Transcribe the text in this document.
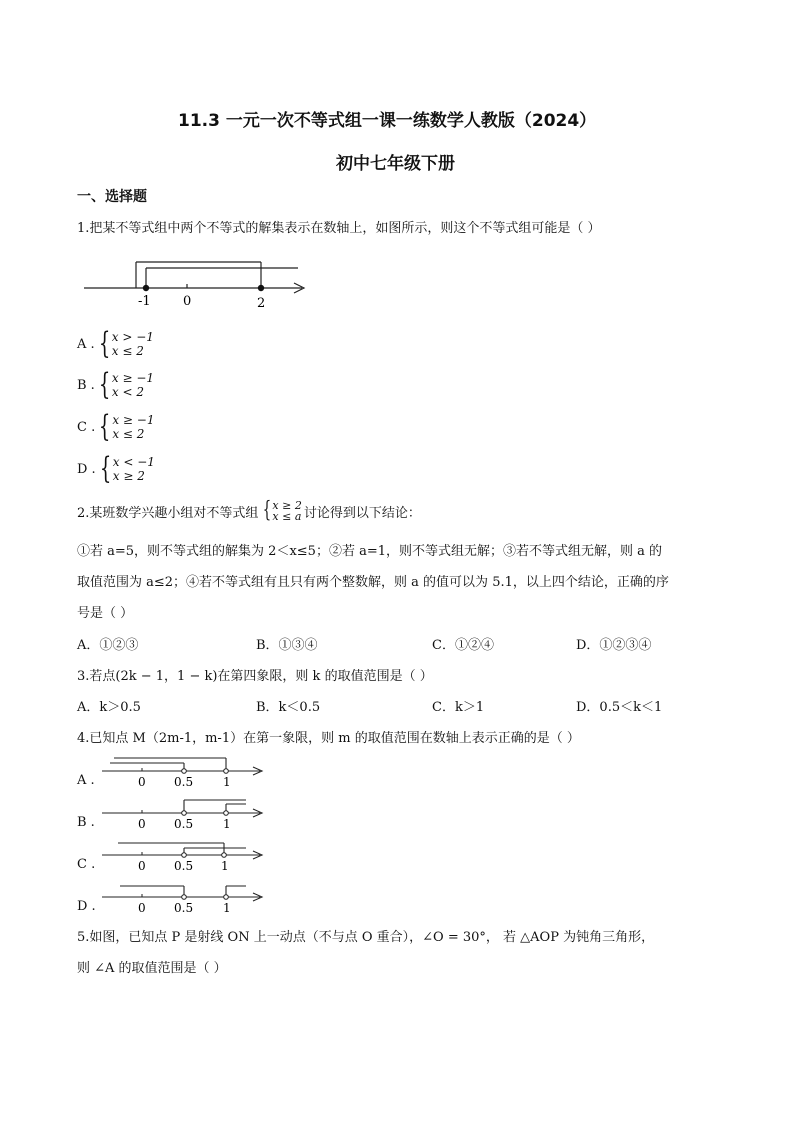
11.3 一元一次不等式组一课一练数学人教版（2024）
初中七年级下册
一、选择题
1.把某不等式组中两个不等式的解集表示在数轴上，如图所示，则这个不等式组可能是（ ）
-1 0	2
A . { x > −1
x ≤ 2
B . { x ≥ −1
x < 2
C . { x ≥ −1
x ≤ 2
D . { x < −1
x ≥ 2
2.某班数学兴趣小组对不等式组 { x ≥ 2
x ≤ a 讨论得到以下结论：
①若 a=5，则不等式组的解集为 2＜x≤5；②若 a=1，则不等式组无解；③若不等式组无解，则 a 的
取值范围为 a≤2；④若不等式组有且只有两个整数解，则 a 的值可以为 5.1，以上四个结论，正确的序
号是（ ）
A．①②③	B．①③④	C．①②④	D．①②③④
3.若点(2k − 1，1 − k)在第四象限，则 k 的取值范围是（ ）
A．k＞0.5	B．k＜0.5	C．k＞1	D．0.5＜k＜1
4.已知点 M（2m-1，m-1）在第一象限，则 m 的取值范围在数轴上表示正确的是（ ）
A .	0 0.5 1
B .	0 0.5 1
C .	0 0.5 1
D .	0 0.5 1
5.如图，已知点 P 是射线 ON 上一动点（不与点 O 重合），∠O = 30°， 若 △AOP 为钝角三角形，
则 ∠A 的取值范围是（ ）
